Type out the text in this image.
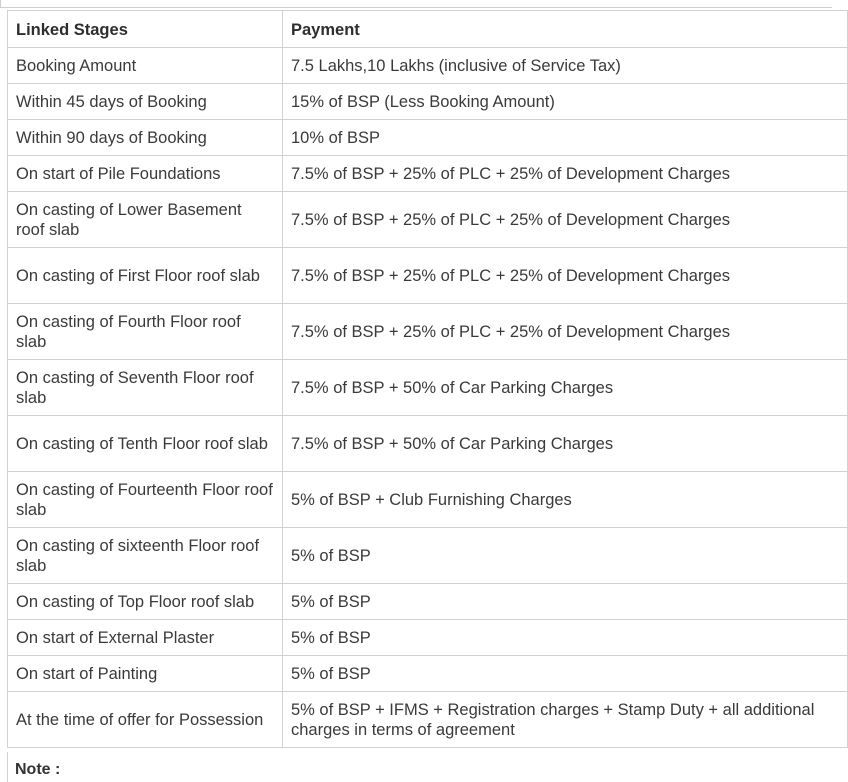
Linked Stages	Payment
Booking Amount	7.5 Lakhs,10 Lakhs (inclusive of Service Tax)
Within 45 days of Booking	15% of BSP (Less Booking Amount)
Within 90 days of Booking	10% of BSP
On start of Pile Foundations	7.5% of BSP + 25% of PLC + 25% of Development Charges
On casting of Lower Basement roof slab	7.5% of BSP + 25% of PLC + 25% of Development Charges
On casting of First Floor roof slab	7.5% of BSP + 25% of PLC + 25% of Development Charges
On casting of Fourth Floor roof slab	7.5% of BSP + 25% of PLC + 25% of Development Charges
On casting of Seventh Floor roof slab	7.5% of BSP + 50% of Car Parking Charges
On casting of Tenth Floor roof slab	7.5% of BSP + 50% of Car Parking Charges
On casting of Fourteenth Floor roof slab	5% of BSP + Club Furnishing Charges
On casting of sixteenth Floor roof slab	5% of BSP
On casting of Top Floor roof slab	5% of BSP
On start of External Plaster	5% of BSP
On start of Painting	5% of BSP
At the time of offer for Possession	5% of BSP + IFMS + Registration charges + Stamp Duty + all additional charges in terms of agreement
Note :
